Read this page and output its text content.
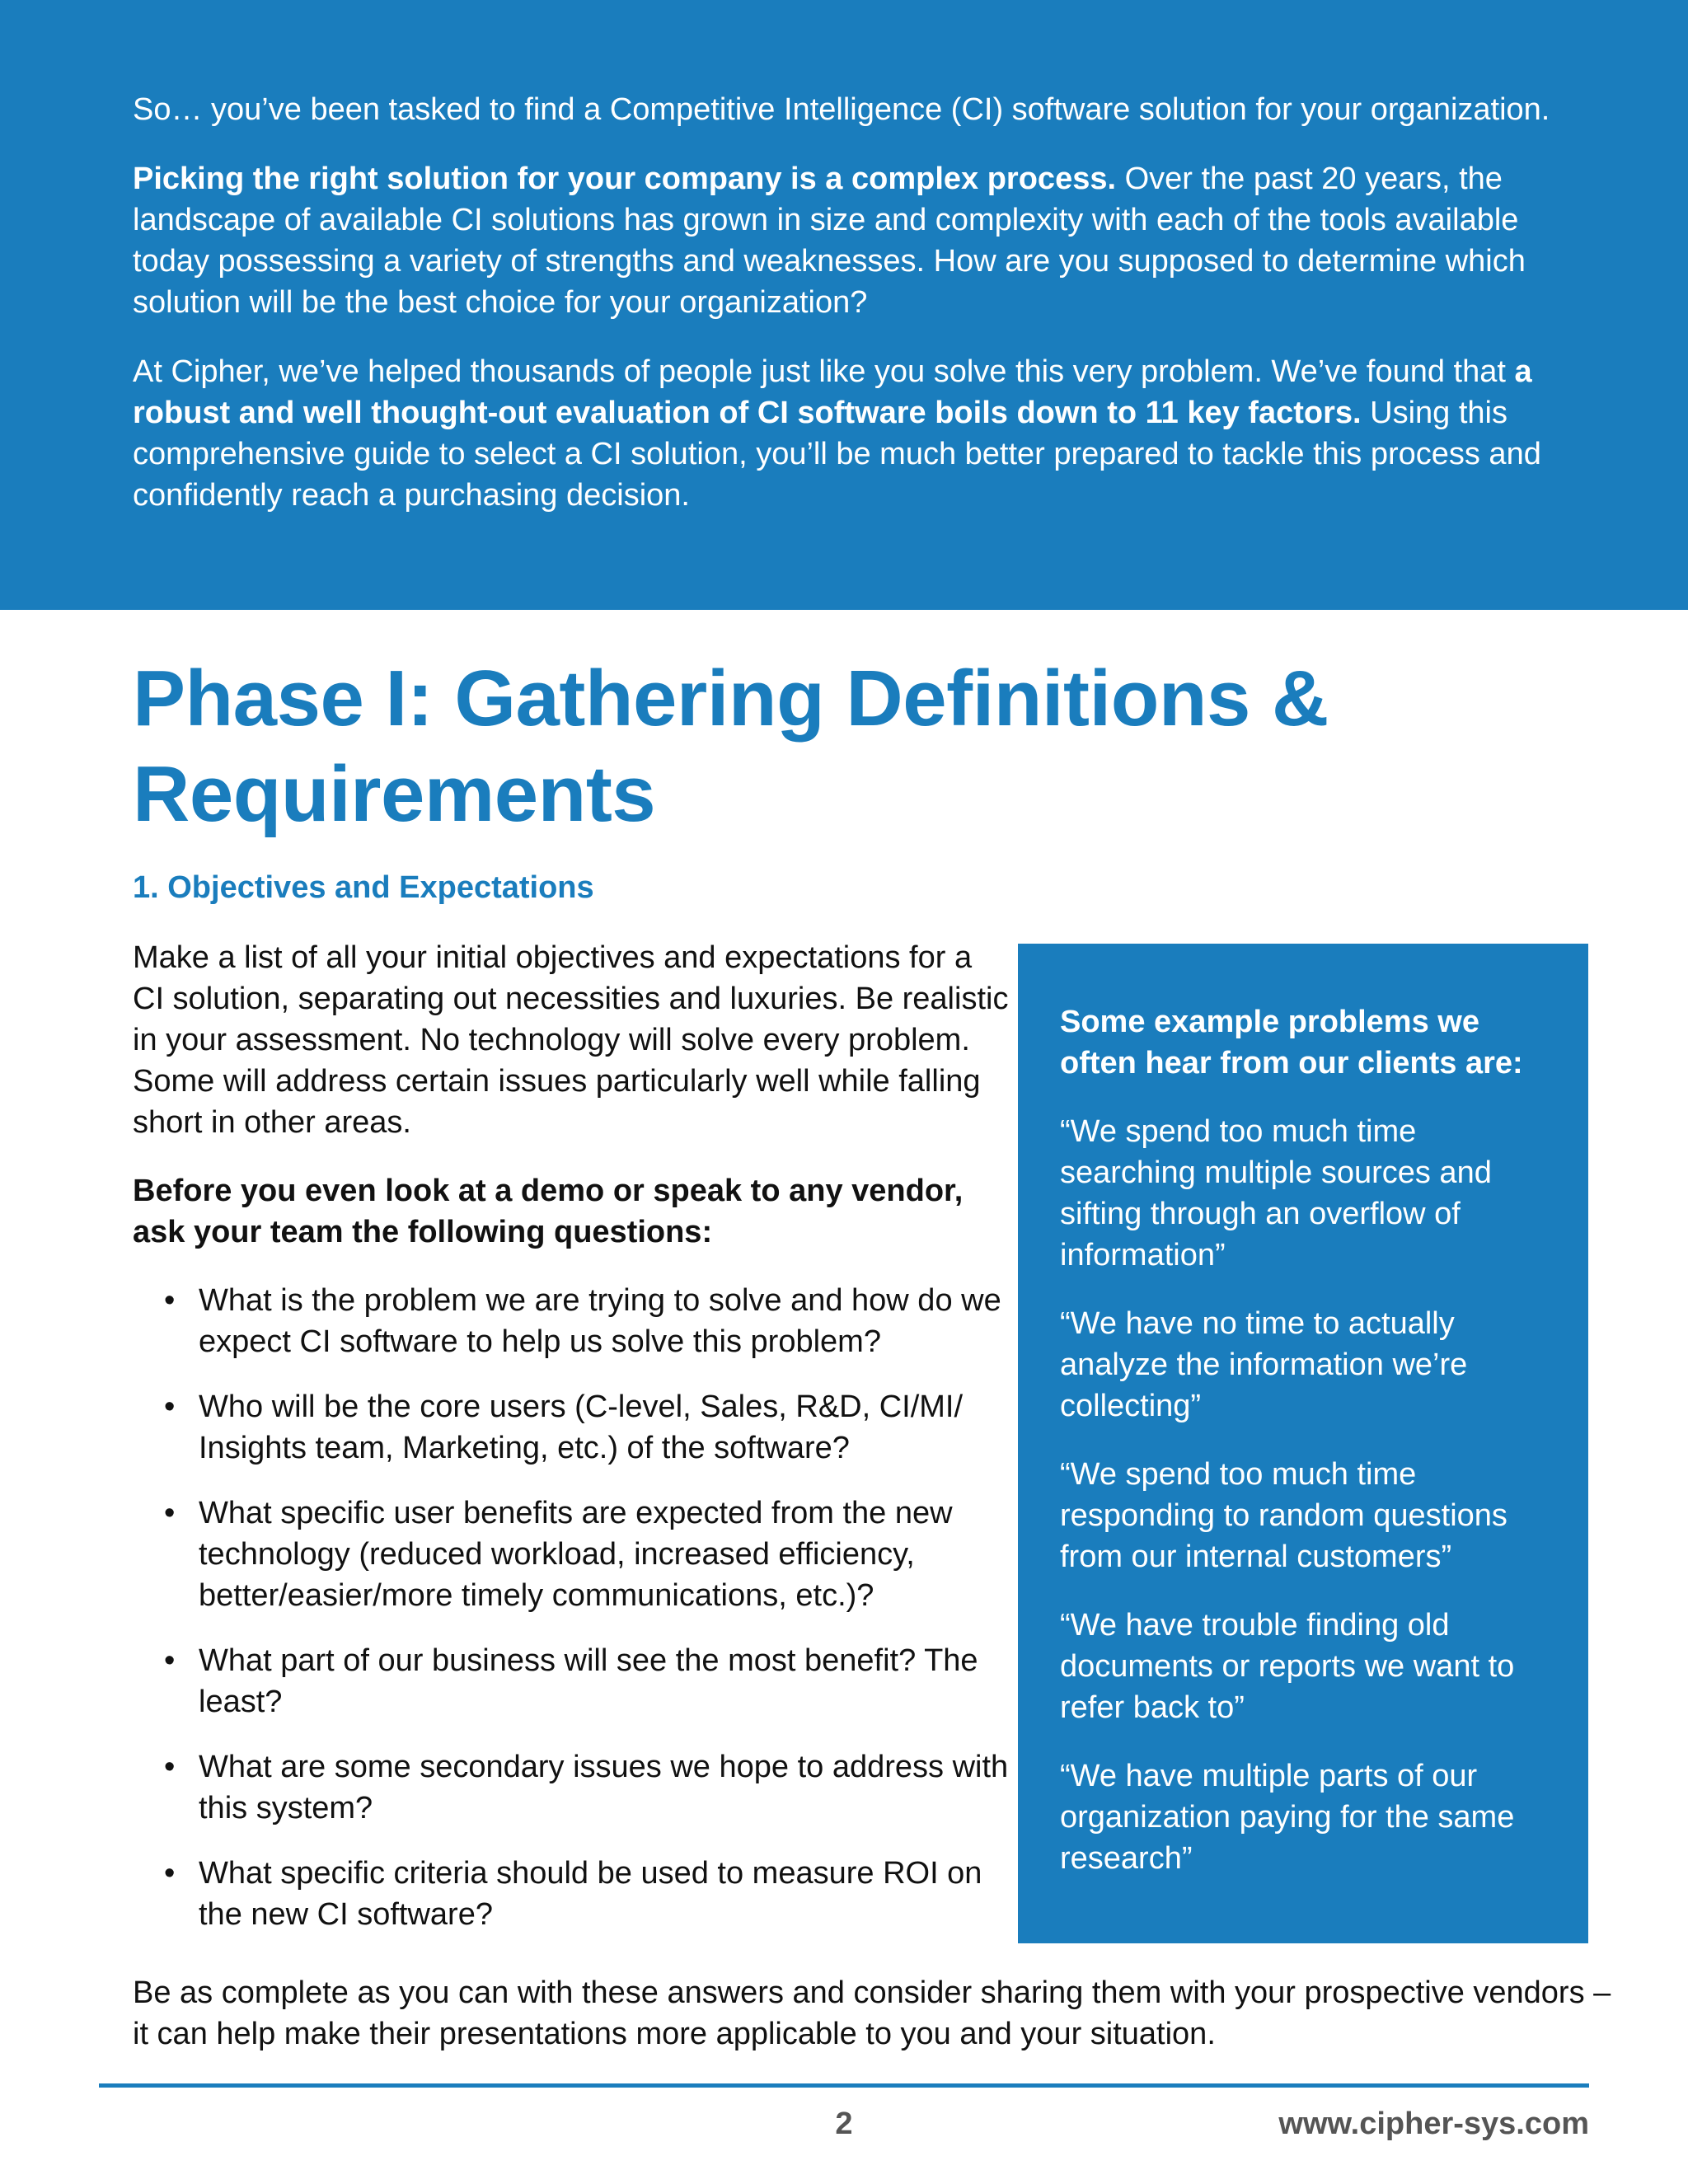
So… you’ve been tasked to find a Competitive Intelligence (CI) software solution for your organization.

Picking the right solution for your company is a complex process. Over the past 20 years, the landscape of available CI solutions has grown in size and complexity with each of the tools available today possessing a variety of strengths and weaknesses. How are you supposed to determine which solution will be the best choice for your organization?

At Cipher, we’ve helped thousands of people just like you solve this very problem. We’ve found that a robust and well thought-out evaluation of CI software boils down to 11 key factors. Using this comprehensive guide to select a CI solution, you’ll be much better prepared to tackle this process and confidently reach a purchasing decision.

Phase I: Gathering Definitions & Requirements
1. Objectives and Expectations

Make a list of all your initial objectives and expectations for a CI solution, separating out necessities and luxuries. Be realistic in your assessment. No technology will solve every problem. Some will address certain issues particularly well while falling short in other areas.

Before you even look at a demo or speak to any vendor, ask your team the following questions:

• What is the problem we are trying to solve and how do we expect CI software to help us solve this problem?
• Who will be the core users (C-level, Sales, R&D, CI/MI/ Insights team, Marketing, etc.) of the software?
• What specific user benefits are expected from the new technology (reduced workload, increased efficiency, better/easier/more timely communications, etc.)?
• What part of our business will see the most benefit? The least?
• What are some secondary issues we hope to address with this system?
• What specific criteria should be used to measure ROI on the new CI software?

Some example problems we often hear from our clients are:

“We spend too much time searching multiple sources and sifting through an overflow of information”

“We have no time to actually analyze the information we’re collecting”

“We spend too much time responding to random questions from our internal customers”

“We have trouble finding old documents or reports we want to refer back to”

“We have multiple parts of our organization paying for the same research”

Be as complete as you can with these answers and consider sharing them with your prospective vendors – it can help make their presentations more applicable to you and your situation.

2	www.cipher-sys.com
